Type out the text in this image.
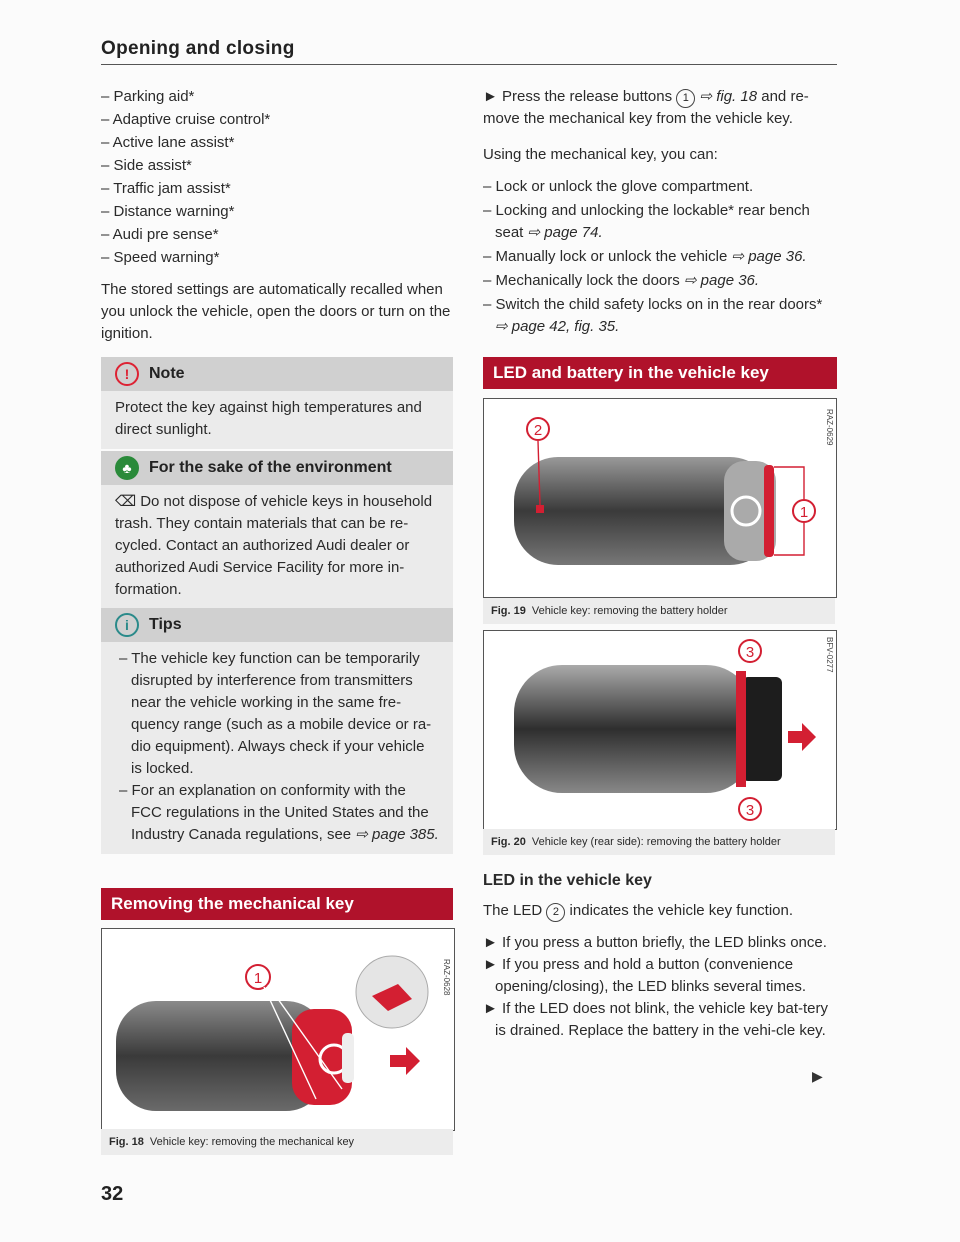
Opening and closing

– Parking aid*

– Adaptive cruise control*

– Active lane assist*

– Side assist*

– Traffic jam assist*

– Distance warning*

– Audi pre sense*

– Speed warning*

The stored settings are automatically recalled when you unlock the vehicle, open the doors or turn on the ignition.

!	Note
Protect the key against high temperatures and direct sunlight.
♣	For the sake of the environment
⌫ Do not dispose of vehicle keys in household trash. They contain materials that can be re-cycled. Contact an authorized Audi dealer or authorized Audi Service Facility for more in-formation.
i	Tips

– The vehicle key function can be temporarily disrupted by interference from transmitters near the vehicle working in the same fre-quency range (such as a mobile device or ra-dio equipment). Always check if your vehicle is locked.

– For an explanation on conformity with the FCC regulations in the United States and the Industry Canada regulations, see ⇨ page 385.

Removing the mechanical key
1	RAZ-0628
Fig. 18 Vehicle key: removing the mechanical key
32

► Press the release buttons 1 ⇨ fig. 18 and re-move the mechanical key from the vehicle key.

Using the mechanical key, you can:

– Lock or unlock the glove compartment.

– Locking and unlocking the lockable* rear bench seat ⇨ page 74.

– Manually lock or unlock the vehicle ⇨ page 36.

– Mechanically lock the doors ⇨ page 36.

– Switch the child safety locks on in the rear doors* ⇨ page 42, fig. 35.

LED and battery in the vehicle key
2
1
RAZ-0629
Fig. 19 Vehicle key: removing the battery holder
3
3
BFV-0277
Fig. 20 Vehicle key (rear side): removing the battery holder

LED in the vehicle key

The LED 2 indicates the vehicle key function.

► If you press a button briefly, the LED blinks once.

► If you press and hold a button (convenience opening/closing), the LED blinks several times.

► If the LED does not blink, the vehicle key bat-tery is drained. Replace the battery in the vehi-cle key.

▶
